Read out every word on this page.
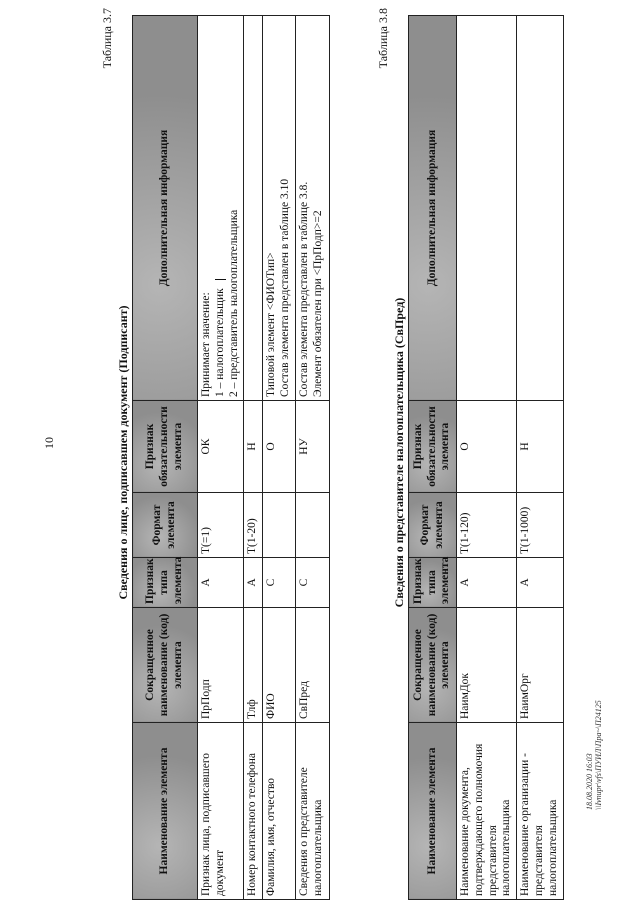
10
Таблица 3.7
Сведения о лице, подписавшем документ (Подписант)
Наименование элемента	Сокращенное наименование (код) элемента	Признак типа элемента	Формат элемента	Признак обязательности элемента	Дополнительная информация
Признак лица, подписавшего документ	ПрПодп	А	Т(=1)	ОК	Принимает значение: 1 – налогоплательщик 2 – представитель налогоплательщика

Номер контактного телефона	Тлф	А	Т(1-20)	Н	
Фамилия, имя, отчество	ФИО	С		О	Типовой элемент <ФИОТип> Состав элемента представлен в таблице 3.10

Сведения о представителе налогоплательщика	СвПред	С		НУ	Состав элемента представлен в таблице 3.8. Элемент обязателен при <ПрПодп>=2
Таблица 3.8
Сведения о представителе налогоплательщика (СвПред)
Наименование элемента	Сокращенное наименование (код) элемента	Признак типа элемента	Формат элемента	Признак обязательности элемента	Дополнительная информация
Наименование документа, подтверждающего полномочия представителя налогоплательщика	НаимДок	А	Т(1-120)	О	
Наименование организации - представителя налогоплательщика	НаимОрг	А	Т(1-1000)	Н	
18.08.2020 16:03 \\Ivnupr\vfs\ПУИЛ\Пра~\П24125
